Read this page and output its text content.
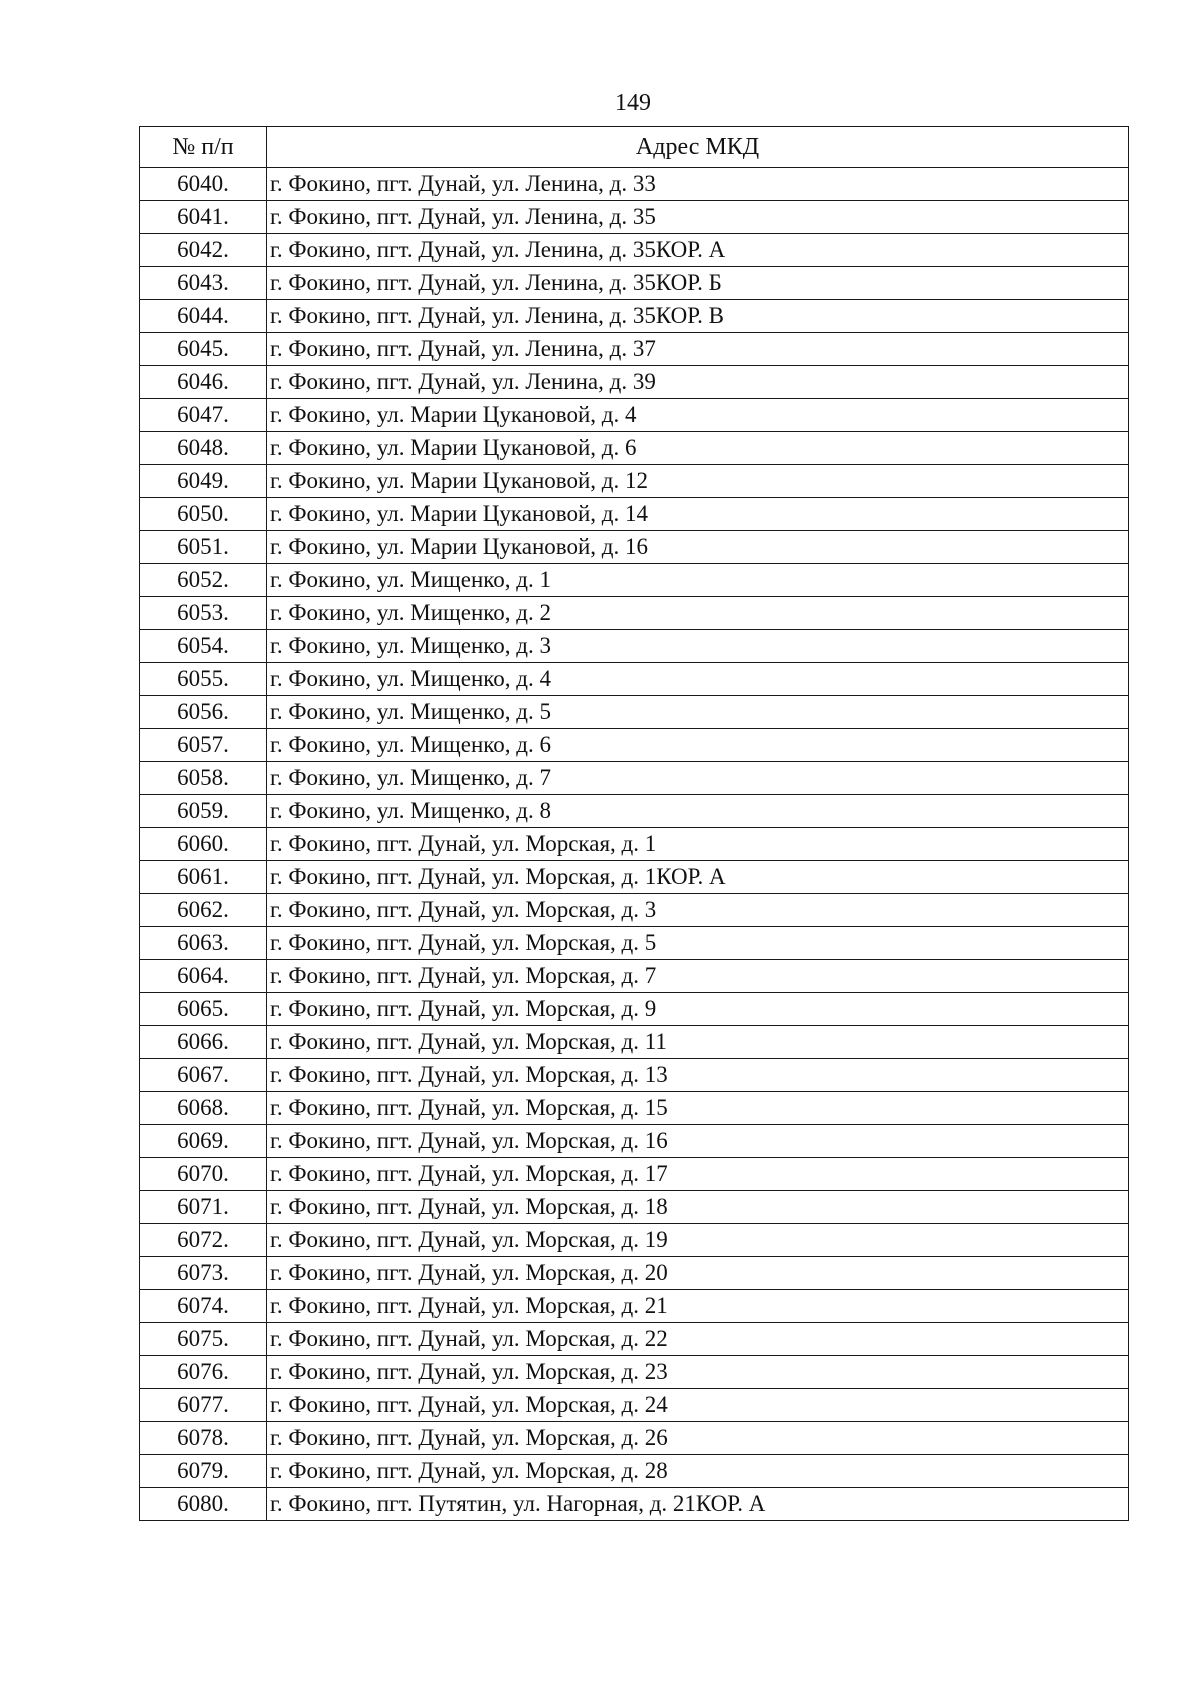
149
№ п/п	Адрес МКД
6040.	г. Фокино, пгт. Дунай, ул. Ленина, д. 33
6041.	г. Фокино, пгт. Дунай, ул. Ленина, д. 35
6042.	г. Фокино, пгт. Дунай, ул. Ленина, д. 35КОР. А
6043.	г. Фокино, пгт. Дунай, ул. Ленина, д. 35КОР. Б
6044.	г. Фокино, пгт. Дунай, ул. Ленина, д. 35КОР. В
6045.	г. Фокино, пгт. Дунай, ул. Ленина, д. 37
6046.	г. Фокино, пгт. Дунай, ул. Ленина, д. 39
6047.	г. Фокино, ул. Марии Цукановой, д. 4
6048.	г. Фокино, ул. Марии Цукановой, д. 6
6049.	г. Фокино, ул. Марии Цукановой, д. 12
6050.	г. Фокино, ул. Марии Цукановой, д. 14
6051.	г. Фокино, ул. Марии Цукановой, д. 16
6052.	г. Фокино, ул. Мищенко, д. 1
6053.	г. Фокино, ул. Мищенко, д. 2
6054.	г. Фокино, ул. Мищенко, д. 3
6055.	г. Фокино, ул. Мищенко, д. 4
6056.	г. Фокино, ул. Мищенко, д. 5
6057.	г. Фокино, ул. Мищенко, д. 6
6058.	г. Фокино, ул. Мищенко, д. 7
6059.	г. Фокино, ул. Мищенко, д. 8
6060.	г. Фокино, пгт. Дунай, ул. Морская, д. 1
6061.	г. Фокино, пгт. Дунай, ул. Морская, д. 1КОР. А
6062.	г. Фокино, пгт. Дунай, ул. Морская, д. 3
6063.	г. Фокино, пгт. Дунай, ул. Морская, д. 5
6064.	г. Фокино, пгт. Дунай, ул. Морская, д. 7
6065.	г. Фокино, пгт. Дунай, ул. Морская, д. 9
6066.	г. Фокино, пгт. Дунай, ул. Морская, д. 11
6067.	г. Фокино, пгт. Дунай, ул. Морская, д. 13
6068.	г. Фокино, пгт. Дунай, ул. Морская, д. 15
6069.	г. Фокино, пгт. Дунай, ул. Морская, д. 16
6070.	г. Фокино, пгт. Дунай, ул. Морская, д. 17
6071.	г. Фокино, пгт. Дунай, ул. Морская, д. 18
6072.	г. Фокино, пгт. Дунай, ул. Морская, д. 19
6073.	г. Фокино, пгт. Дунай, ул. Морская, д. 20
6074.	г. Фокино, пгт. Дунай, ул. Морская, д. 21
6075.	г. Фокино, пгт. Дунай, ул. Морская, д. 22
6076.	г. Фокино, пгт. Дунай, ул. Морская, д. 23
6077.	г. Фокино, пгт. Дунай, ул. Морская, д. 24
6078.	г. Фокино, пгт. Дунай, ул. Морская, д. 26
6079.	г. Фокино, пгт. Дунай, ул. Морская, д. 28
6080.	г. Фокино, пгт. Путятин, ул. Нагорная, д. 21КОР. А
